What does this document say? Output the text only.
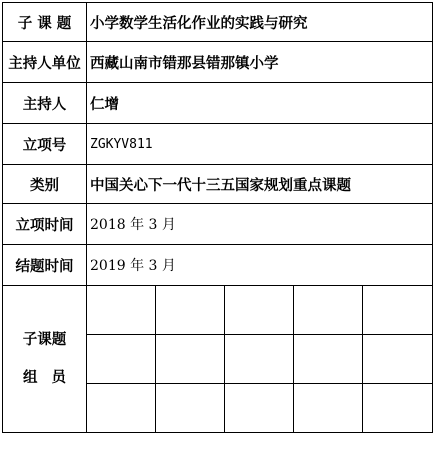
子 课 题	小学数学生活化作业的实践与研究				
主持人单位	西藏山南市错那县错那镇小学				
主持人	仁增				
立项号	ZGKYV811				
类别	中国关心下一代十三五国家规划重点课题				
立项时间	2018 年 3 月				
结题时间	2019 年 3 月				

子课题
组员					
